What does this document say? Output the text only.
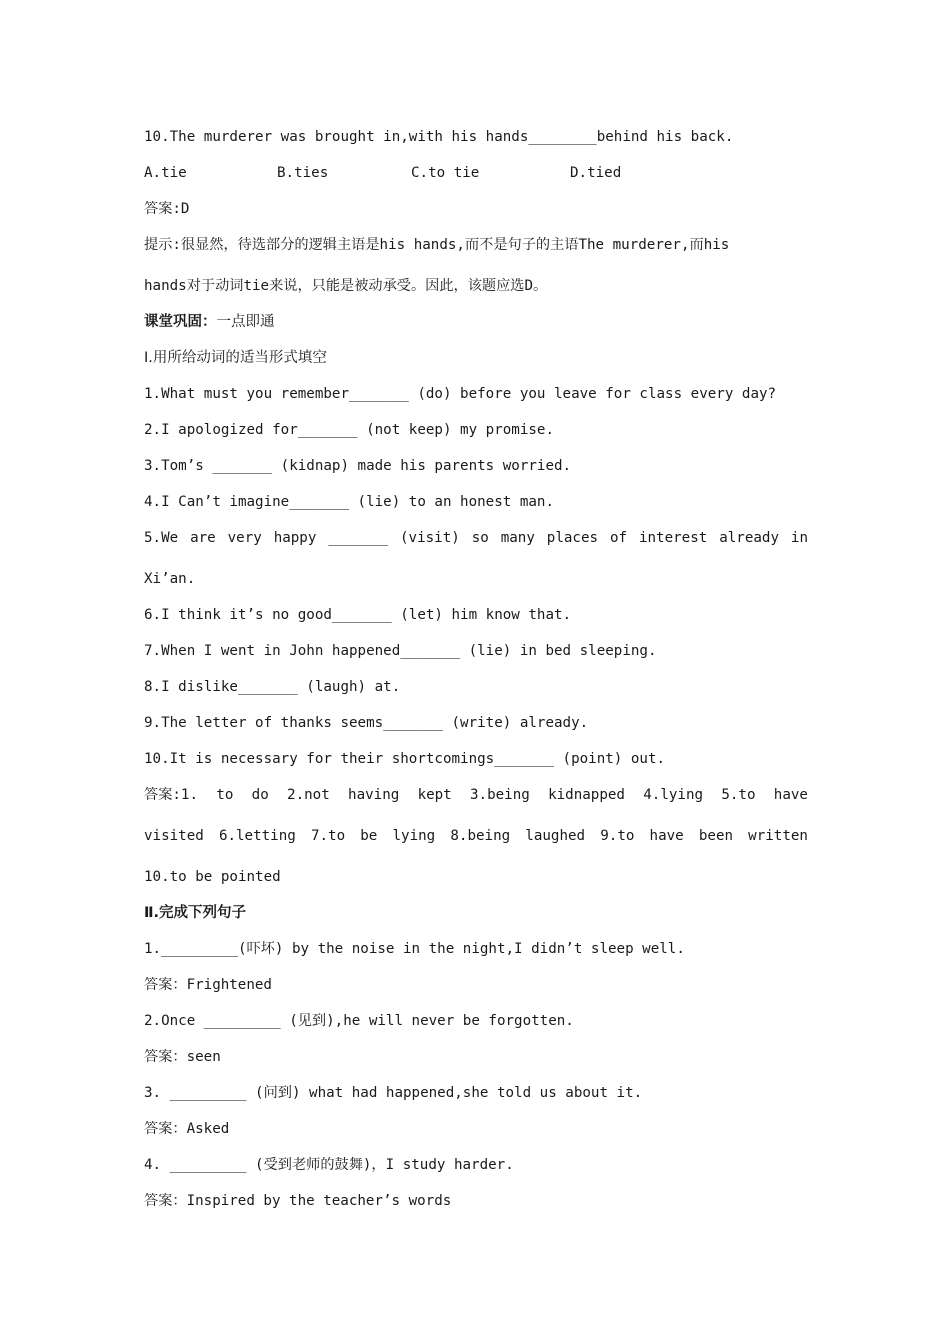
10.The murderer was brought in,with his hands________behind his back.

A.tie

	B.ties

	C.to tie

	D.tied

答案:D
提示:很显然，待选部分的逻辑主语是his hands,而不是句子的主语The murderer,而his
hands对于动词tie来说，只能是被动承受。因此，该题应选D。
课堂巩固：一点即通
Ⅰ.用所给动词的适当形式填空
1.What must you remember_______ (do) before you leave for class every day?
2.I apologized for_______ (not keep) my promise.
3.Tom’s _______ (kidnap) made his parents worried.
4.I Can’t imagine_______ (lie) to an honest man.
5.We are very happy _______ (visit) so many places of interest already in
Xi’an.
6.I think it’s no good_______ (let) him know that.
7.When I went in John happened_______ (lie) in bed sleeping.
8.I dislike_______ (laugh) at.
9.The letter of thanks seems_______ (write) already.
10.It is necessary for their shortcomings_______ (point) out.
答案:1. to do 2.not having kept 3.being kidnapped 4.lying 5.to have
visited 6.letting 7.to be lying 8.being laughed 9.to have been written
10.to be pointed
Ⅱ.完成下列句子
1._________(吓坏) by the noise in the night,I didn’t sleep well.
答案：Frightened
2.Once _________ (见到),he will never be forgotten.
答案：seen
3. _________ (问到) what had happened,she told us about it.
答案：Asked
4. _________ (受到老师的鼓舞)，I study harder.
答案：Inspired by the teacher’s words
